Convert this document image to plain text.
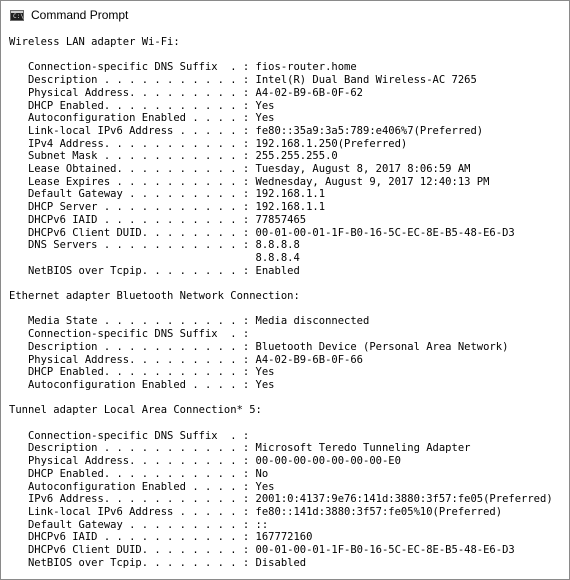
C:\ Command Prompt
Wireless LAN adapter Wi-Fi:
Connection-specific DNS Suffix  . : fios-router.home
Description . . . . . . . . . . . : Intel(R) Dual Band Wireless-AC 7265
Physical Address. . . . . . . . . : A4-02-B9-6B-0F-62
DHCP Enabled. . . . . . . . . . . : Yes
Autoconfiguration Enabled . . . . : Yes
Link-local IPv6 Address . . . . . : fe80::35a9:3a5:789:e406%7(Preferred)
IPv4 Address. . . . . . . . . . . : 192.168.1.250(Preferred)
Subnet Mask . . . . . . . . . . . : 255.255.255.0
Lease Obtained. . . . . . . . . . : Tuesday, August 8, 2017 8:06:59 AM
Lease Expires . . . . . . . . . . : Wednesday, August 9, 2017 12:40:13 PM
Default Gateway . . . . . . . . . : 192.168.1.1
DHCP Server . . . . . . . . . . . : 192.168.1.1
DHCPv6 IAID . . . . . . . . . . . : 77857465
DHCPv6 Client DUID. . . . . . . . : 00-01-00-01-1F-B0-16-5C-EC-8E-B5-48-E6-D3
DNS Servers . . . . . . . . . . . : 8.8.8.8
8.8.8.4
NetBIOS over Tcpip. . . . . . . . : Enabled
Ethernet adapter Bluetooth Network Connection:
Media State . . . . . . . . . . . : Media disconnected
Connection-specific DNS Suffix  . :
Description . . . . . . . . . . . : Bluetooth Device (Personal Area Network)
Physical Address. . . . . . . . . : A4-02-B9-6B-0F-66
DHCP Enabled. . . . . . . . . . . : Yes
Autoconfiguration Enabled . . . . : Yes
Tunnel adapter Local Area Connection* 5:
Connection-specific DNS Suffix  . :
Description . . . . . . . . . . . : Microsoft Teredo Tunneling Adapter
Physical Address. . . . . . . . . : 00-00-00-00-00-00-00-E0
DHCP Enabled. . . . . . . . . . . : No
Autoconfiguration Enabled . . . . : Yes
IPv6 Address. . . . . . . . . . . : 2001:0:4137:9e76:141d:3880:3f57:fe05(Preferred)
Link-local IPv6 Address . . . . . : fe80::141d:3880:3f57:fe05%10(Preferred)
Default Gateway . . . . . . . . . : ::
DHCPv6 IAID . . . . . . . . . . . : 167772160
DHCPv6 Client DUID. . . . . . . . : 00-01-00-01-1F-B0-16-5C-EC-8E-B5-48-E6-D3
NetBIOS over Tcpip. . . . . . . . : Disabled
